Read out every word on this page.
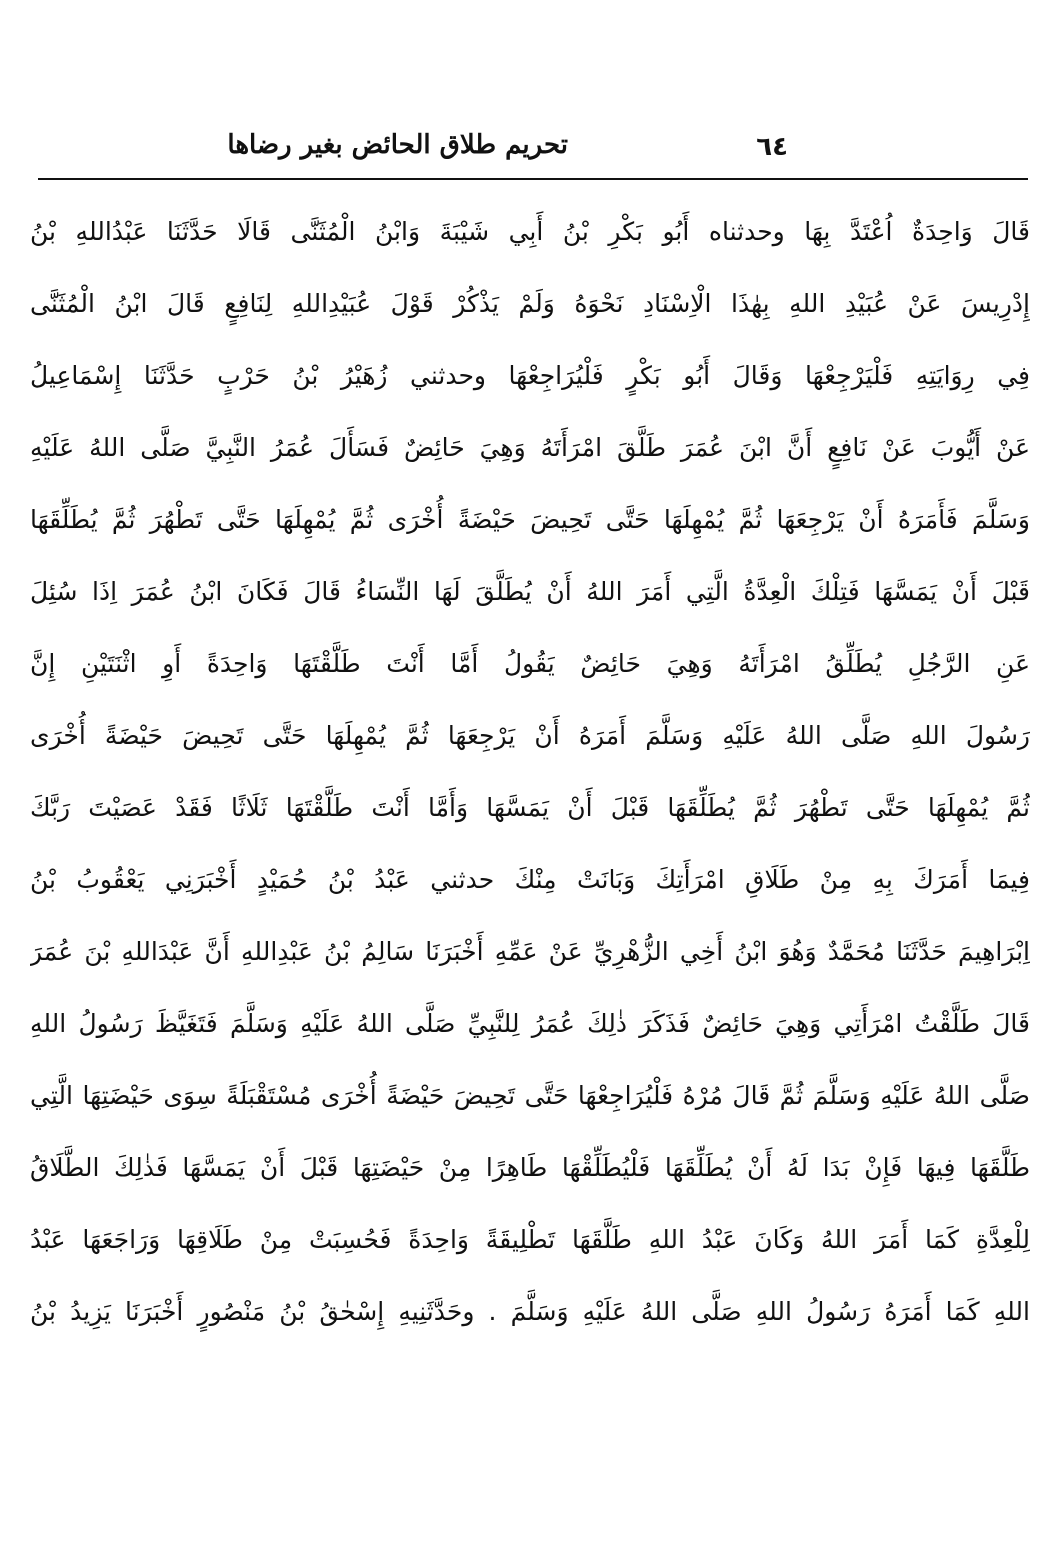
٦٤
تحريم طلاق الحائض بغير رضاها
قَالَ وَاحِدَةٌ اُعْتَدَّ بِهَا وحدثناه أَبُو بَكْرِ بْنُ أَبِي شَيْبَةَ وَابْنُ الْمُثَنَّى قَالَا حَدَّثَنَا عَبْدُاللهِ بْنُ
إِدْرِيسَ عَنْ عُبَيْدِ اللهِ بِهٰذَا الْاِسْنَادِ نَحْوَهُ وَلَمْ يَذْكُرْ قَوْلَ عُبَيْدِاللهِ لِنَافِعٍ قَالَ ابْنُ الْمُثَنَّى
فِي رِوَايَتِهِ فَلْيَرْجِعْهَا وَقَالَ أَبُو بَكْرٍ فَلْيُرَاجِعْهَا وحدثني زُهَيْرُ بْنُ حَرْبٍ حَدَّثَنَا إِسْمَاعِيلُ
عَنْ أَيُّوبَ عَنْ نَافِعٍ أَنَّ ابْنَ عُمَرَ طَلَّقَ امْرَأَتَهُ وَهِيَ حَائِضٌ فَسَأَلَ عُمَرُ النَّبِيَّ صَلَّى اللهُ عَلَيْهِ
وَسَلَّمَ فَأَمَرَهُ أَنْ يَرْجِعَهَا ثُمَّ يُمْهِلَهَا حَتَّى تَحِيضَ حَيْضَةً أُخْرَى ثُمَّ يُمْهِلَهَا حَتَّى تَطْهُرَ ثُمَّ يُطَلِّقَهَا
قَبْلَ أَنْ يَمَسَّهَا فَتِلْكَ الْعِدَّةُ الَّتِي أَمَرَ اللهُ أَنْ يُطَلَّقَ لَهَا النِّسَاءُ قَالَ فَكَانَ ابْنُ عُمَرَ اِذَا سُئِلَ
عَنِ الرَّجُلِ يُطَلِّقُ امْرَأَتَهُ وَهِيَ حَائِضٌ يَقُولُ أَمَّا أَنْتَ طَلَّقْتَهَا وَاحِدَةً أَوِ اثْنَتَيْنِ إِنَّ
رَسُولَ اللهِ صَلَّى اللهُ عَلَيْهِ وَسَلَّمَ أَمَرَهُ أَنْ يَرْجِعَهَا ثُمَّ يُمْهِلَهَا حَتَّى تَحِيضَ حَيْضَةً أُخْرَى
ثُمَّ يُمْهِلَهَا حَتَّى تَطْهُرَ ثُمَّ يُطَلِّقَهَا قَبْلَ أَنْ يَمَسَّهَا وَأَمَّا أَنْتَ طَلَّقْتَهَا ثَلَاثًا فَقَدْ عَصَيْتَ رَبَّكَ
فِيمَا أَمَرَكَ بِهِ مِنْ طَلَاقِ امْرَأَتِكَ وَبَانَتْ مِنْكَ حدثني عَبْدُ بْنُ حُمَيْدٍ أَخْبَرَنِي يَعْقُوبُ بْنُ
اِبْرَاهِيمَ حَدَّثَنَا مُحَمَّدٌ وَهُوَ ابْنُ أَخِي الزُّهْرِيِّ عَنْ عَمِّهِ أَخْبَرَنَا سَالِمُ بْنُ عَبْدِاللهِ أَنَّ عَبْدَاللهِ بْنَ عُمَرَ
قَالَ طَلَّقْتُ امْرَأَتِي وَهِيَ حَائِضٌ فَذَكَرَ ذٰلِكَ عُمَرُ لِلنَّبِيِّ صَلَّى اللهُ عَلَيْهِ وَسَلَّمَ فَتَغَيَّظَ رَسُولُ اللهِ
صَلَّى اللهُ عَلَيْهِ وَسَلَّمَ ثُمَّ قَالَ مُرْهُ فَلْيُرَاجِعْهَا حَتَّى تَحِيضَ حَيْضَةً أُخْرَى مُسْتَقْبَلَةً سِوَى حَيْضَتِهَا الَّتِي
طَلَّقَهَا فِيهَا فَإِنْ بَدَا لَهُ أَنْ يُطَلِّقَهَا فَلْيُطَلِّقْهَا طَاهِرًا مِنْ حَيْضَتِهَا قَبْلَ أَنْ يَمَسَّهَا فَذٰلِكَ الطَّلَاقُ
لِلْعِدَّةِ كَمَا أَمَرَ اللهُ وَكَانَ عَبْدُ اللهِ طَلَّقَهَا تَطْلِيقَةً وَاحِدَةً فَحُسِبَتْ مِنْ طَلَاقِهَا وَرَاجَعَهَا عَبْدُ
اللهِ كَمَا أَمَرَهُ رَسُولُ اللهِ صَلَّى اللهُ عَلَيْهِ وَسَلَّمَ . وحَدَّثَنِيهِ إِسْحٰقُ بْنُ مَنْصُورٍ أَخْبَرَنَا يَزِيدُ بْنُ
